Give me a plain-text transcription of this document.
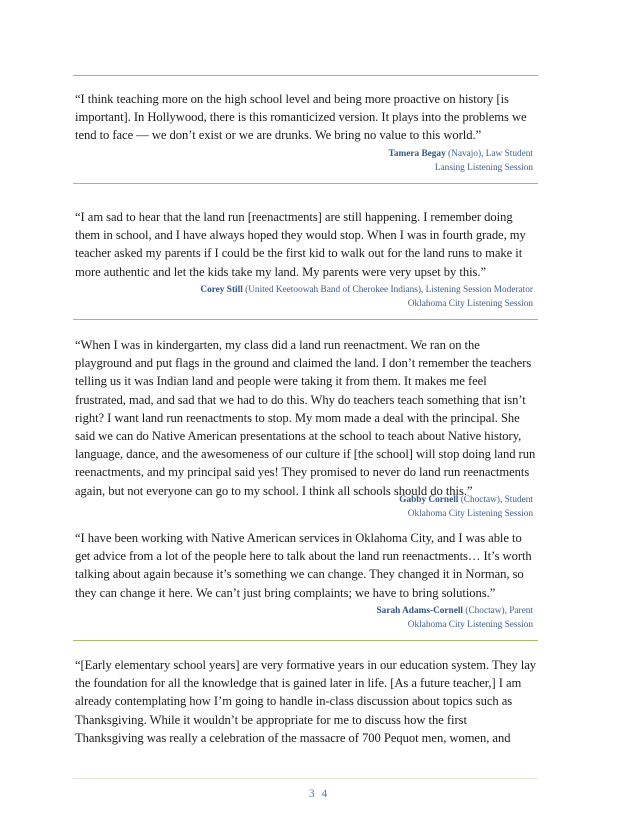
“I think teaching more on the high school level and being more proactive on history [is
important]. In Hollywood, there is this romanticized version. It plays into the problems we
tend to face — we don’t exist or we are drunks. We bring no value to this world.”

Tamera Begay (Navajo), Law Student
Lansing Listening Session

“I am sad to hear that the land run [reenactments] are still happening. I remember doing
them in school, and I have always hoped they would stop. When I was in fourth grade, my
teacher asked my parents if I could be the first kid to walk out for the land runs to make it
more authentic and let the kids take my land. My parents were very upset by this.”

Corey Still (United Keetoowah Band of Cherokee Indians), Listening Session Moderator
Oklahoma City Listening Session

“When I was in kindergarten, my class did a land run reenactment. We ran on the
playground and put flags in the ground and claimed the land. I don’t remember the teachers
telling us it was Indian land and people were taking it from them. It makes me feel
frustrated, mad, and sad that we had to do this. Why do teachers teach something that isn’t
right? I want land run reenactments to stop. My mom made a deal with the principal. She
said we can do Native American presentations at the school to teach about Native history,
language, dance, and the awesomeness of our culture if [the school] will stop doing land run
reenactments, and my principal said yes! They promised to never do land run reenactments
again, but not everyone can go to my school. I think all schools should do this.”

Gabby Cornell (Choctaw), Student
Oklahoma City Listening Session

“I have been working with Native American services in Oklahoma City, and I was able to
get advice from a lot of the people here to talk about the land run reenactments… It’s worth
talking about again because it’s something we can change. They changed it in Norman, so
they can change it here. We can’t just bring complaints; we have to bring solutions.”

Sarah Adams-Cornell (Choctaw), Parent
Oklahoma City Listening Session

“[Early elementary school years] are very formative years in our education system. They lay
the foundation for all the knowledge that is gained later in life. [As a future teacher,] I am
already contemplating how I’m going to handle in-class discussion about topics such as
Thanksgiving. While it wouldn’t be appropriate for me to discuss how the first
Thanksgiving was really a celebration of the massacre of 700 Pequot men, women, and

3 4
